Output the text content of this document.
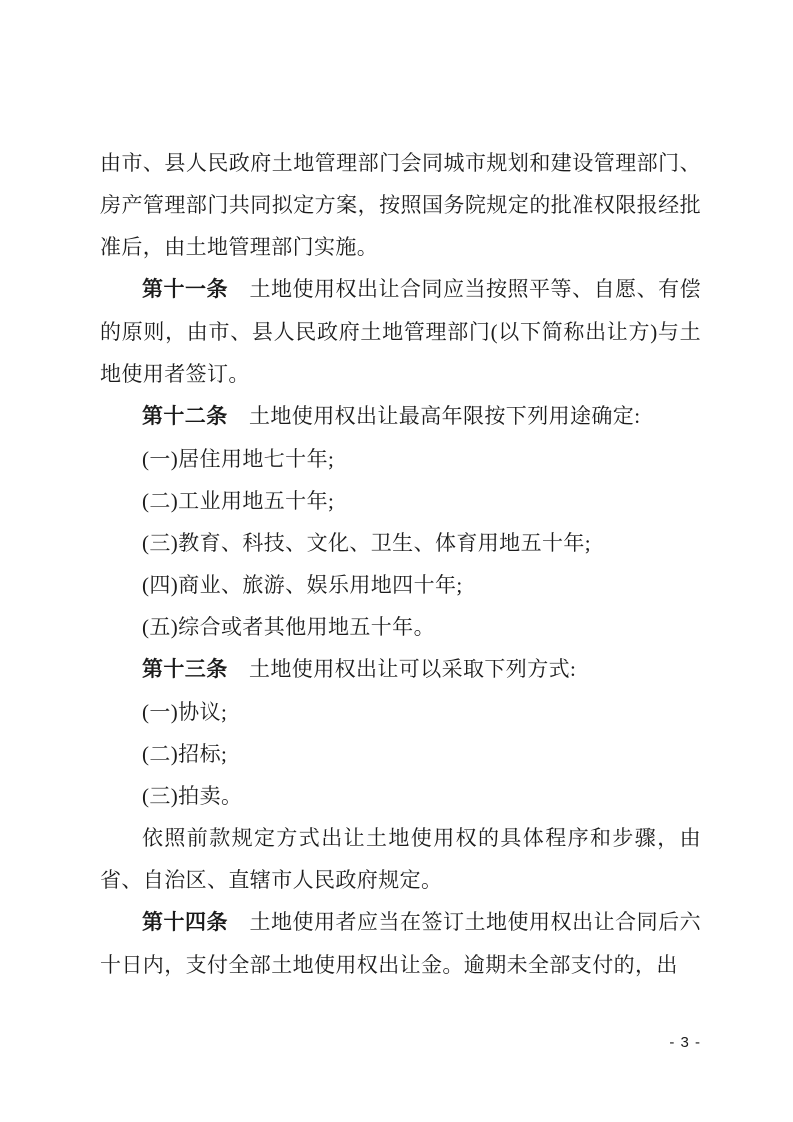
由市、县人民政府土地管理部门会同城市规划和建设管理部门、房产管理部门共同拟定方案，按照国务院规定的批准权限报经批准后，由土地管理部门实施。

第十一条　土地使用权出让合同应当按照平等、自愿、有偿的原则，由市、县人民政府土地管理部门(以下简称出让方)与土地使用者签订。

第十二条　土地使用权出让最高年限按下列用途确定:

(一)居住用地七十年;

(二)工业用地五十年;

(三)教育、科技、文化、卫生、体育用地五十年;

(四)商业、旅游、娱乐用地四十年;

(五)综合或者其他用地五十年。

第十三条　土地使用权出让可以采取下列方式:

(一)协议;

(二)招标;

(三)拍卖。

依照前款规定方式出让土地使用权的具体程序和步骤，由省、自治区、直辖市人民政府规定。

第十四条　土地使用者应当在签订土地使用权出让合同后六十日内，支付全部土地使用权出让金。逾期未全部支付的，出

- 3 -
